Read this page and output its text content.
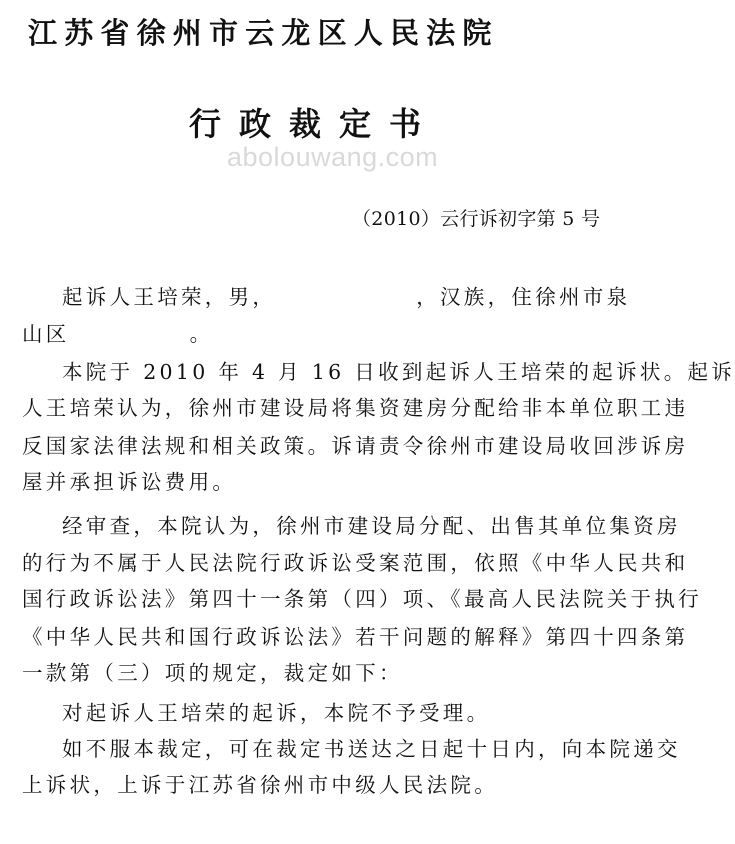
江苏省徐州市云龙区人民法院
行政裁定书
abolouwang.com
（2010）云行诉初字第 5 号
起诉人王培荣，男，	，汉族，住徐州市泉
山区	。
本院于 2010 年 4 月 16 日收到起诉人王培荣的起诉状。起诉
人王培荣认为，徐州市建设局将集资建房分配给非本单位职工违
反国家法律法规和相关政策。诉请责令徐州市建设局收回涉诉房
屋并承担诉讼费用。
经审查，本院认为，徐州市建设局分配、出售其单位集资房
的行为不属于人民法院行政诉讼受案范围，依照《中华人民共和
国行政诉讼法》第四十一条第（四）项、《最高人民法院关于执行
《中华人民共和国行政诉讼法》若干问题的解释》第四十四条第
一款第（三）项的规定，裁定如下：
对起诉人王培荣的起诉，本院不予受理。
如不服本裁定，可在裁定书送达之日起十日内，向本院递交
上诉状，上诉于江苏省徐州市中级人民法院。
